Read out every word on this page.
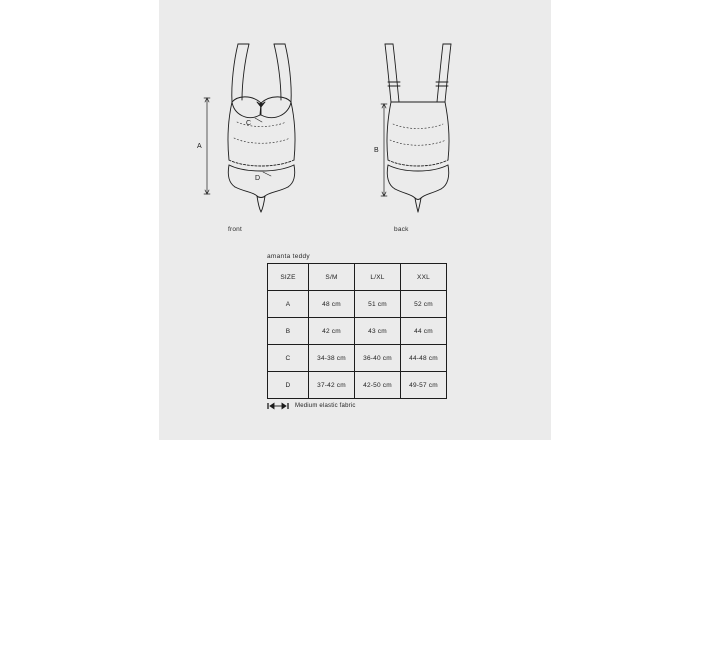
A
C
D
B
front	back
amanta teddy
SIZE	S/M	L/XL	XXL
A	48 cm	51 cm	52 cm
B	42 cm	43 cm	44 cm
C	34-38 cm	36-40 cm	44-48 cm
D	37-42 cm	42-50 cm	49-57 cm
Medium elastic fabric
